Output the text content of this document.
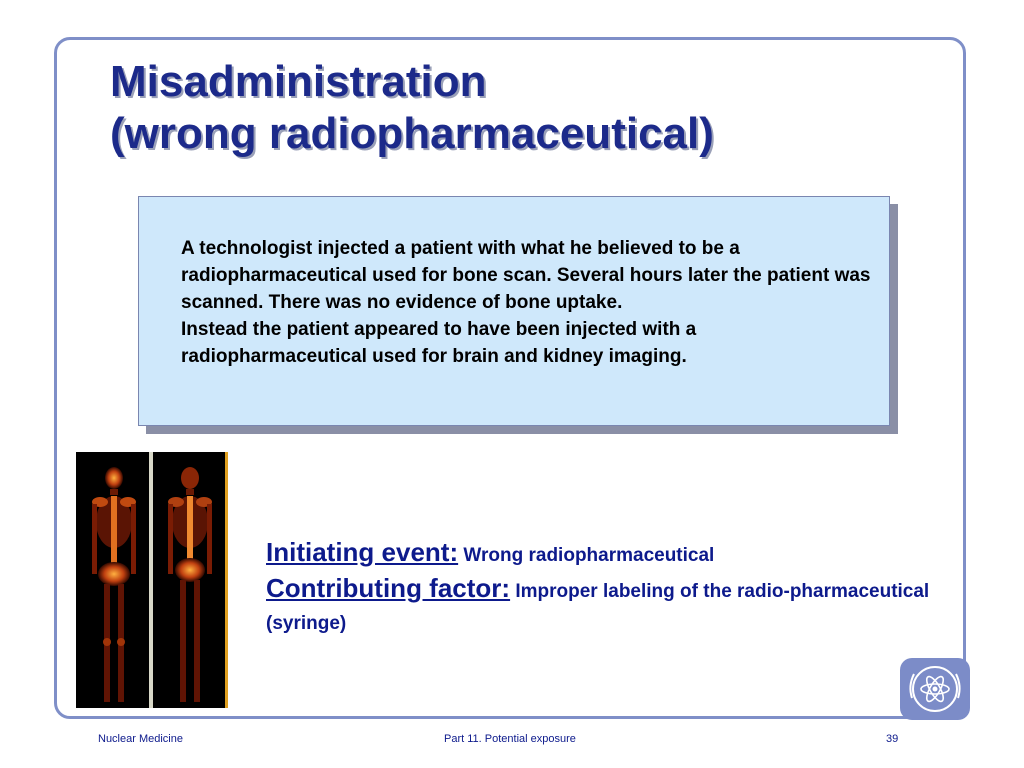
Misadministration
(wrong radiopharmaceutical)

A technologist injected a patient with what he believed to be a radiopharmaceutical used for bone scan. Several hours later the patient was scanned. There was no evidence of bone uptake.

Instead the patient appeared to have been injected with a radiopharmaceutical used for brain and kidney imaging.

Initiating event: Wrong radiopharmaceutical
Contributing factor: Improper labeling of the radio-pharmaceutical (syringe)
Nuclear Medicine	Part 11. Potential exposure	39
